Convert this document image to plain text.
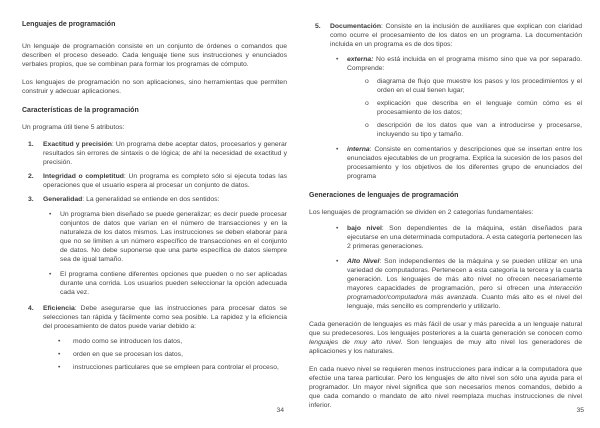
Lenguajes de programación

Un lenguaje de programación consiste en un conjunto de órdenes o comandos que describen el proceso deseado. Cada lenguaje tiene sus instrucciones y enunciados verbales propios, que se combinan para formar los programas de cómputo.

Los lenguajes de programación no son aplicaciones, sino herramientas que permiten construir y adecuar aplicaciones.

Características de la programación

Un programa útil tiene 5 atributos:

1.	Exactitud y precisión: Un programa debe aceptar datos, procesarlos y generar resultados sin errores de sintaxis o de lógica; de ahí la necesidad de exactitud y precisión.
2.	Integridad o completitud: Un programa es completo sólo si ejecuta todas las operaciones que el usuario espera al procesar un conjunto de datos.
3.	Generalidad: La generalidad se entiende en dos sentidos:
•	Un programa bien diseñado se puede generalizar; es decir puede procesar conjuntos de datos que varían en el número de transacciones y en la naturaleza de los datos mismos. Las instrucciones se deben elaborar para que no se limiten a un número específico de transacciones en el conjunto de datos. No debe suponerse que una parte específica de datos siempre sea de igual tamaño.
•	El programa contiene diferentes opciones que pueden o no ser aplicadas durante una corrida. Los usuarios pueden seleccionar la opción adecuada cada vez.
4.	Eficiencia: Debe asegurarse que las instrucciones para procesar datos se selecciones tan rápida y fácilmente como sea posible. La rapidez y la eficiencia del procesamiento de datos puede variar debido a:
•	modo como se introducen los datos,
•	orden en que se procesan los datos,
•	instrucciones particulares que se empleen para controlar el proceso,
34
5.	Documentación: Consiste en la inclusión de auxiliares que explican con claridad como ocurre el procesamiento de los datos en un programa. La documentación incluida en un programa es de dos tipos:
•	externa: No está incluida en el programa mismo sino que va por separado. Comprende:
o	diagrama de flujo que muestre los pasos y los procedimientos y el orden en el cual tienen lugar;
o	explicación que describa en el lenguaje común cómo es el procesamiento de los datos;
o	descripción de los datos que van a introducirse y procesarse, incluyendo su tipo y tamaño.
•	interna: Consiste en comentarios y descripciones que se insertan entre los enunciados ejecutables de un programa. Explica la sucesión de los pasos del procesamiento y los objetivos de los diferentes grupo de enunciados del programa
Generaciones de lenguajes de programación

Los lenguajes de programación se dividen en 2 categorías fundamentales:

•	bajo nivel: Son dependientes de la máquina, están diseñados para ejecutarse en una determinada computadora. A esta categoría pertenecen las 2 primeras generaciones.
•	Alto Nivel: Son independientes de la máquina y se pueden utilizar en una variedad de computadoras. Pertenecen a esta categoría la tercera y la cuarta generación. Los lenguajes de más alto nivel no ofrecen necesariamente mayores capacidades de programación, pero sí ofrecen una interacción programador/computadora más avanzada. Cuanto más alto es el nivel del lenguaje, más sencillo es comprenderlo y utilizarlo.

Cada generación de lenguajes es más fácil de usar y más parecida a un lenguaje natural que su predecesores. Los lenguajes posteriores a la cuarta generación se conocen como lenguajes de muy alto nivel. Son lenguajes de muy alto nivel los generadores de aplicaciones y los naturales.

En cada nuevo nivel se requieren menos instrucciones para indicar a la computadora que efectúe una tarea particular. Pero los lenguajes de alto nivel son sólo una ayuda para el programador. Un mayor nivel significa que son necesarios menos comandos, debido a que cada comando o mandato de alto nivel reemplaza muchas instrucciones de nivel inferior.

35
